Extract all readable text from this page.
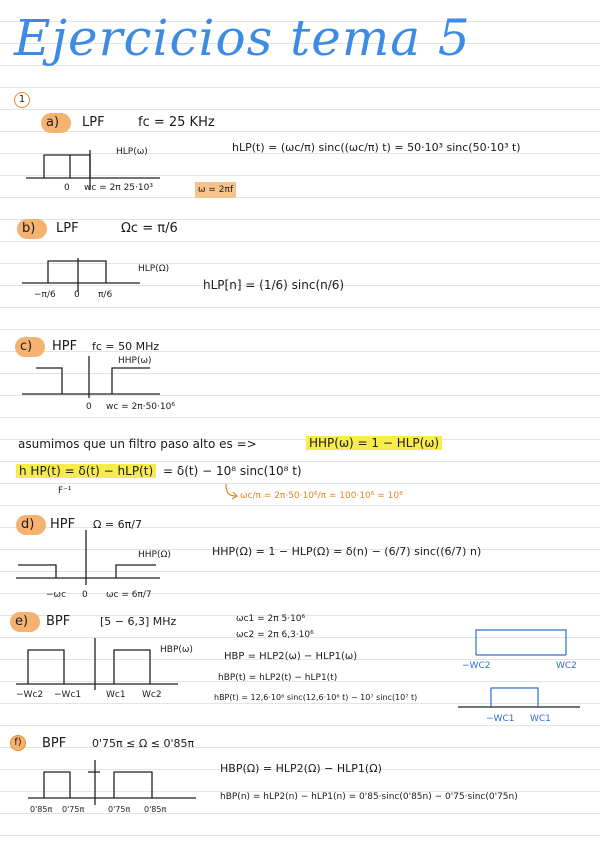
Ejercicios tema 5
1
a) LPF	fc = 25 KHz
HLP(ω)
0 wc = 2π 25·10³
hLP(t) = (ωc/π) sinc((ωc/π) t) = 50·10³ sinc(50·10³ t)
ω = 2πf
b) LPF	Ωc = π/6
HLP(Ω)
−π/6 0 π/6
hLP[n] = (1/6) sinc(n/6)
c) HPF fc = 50 MHz
HHP(ω)
0 wc = 2π·50·10⁶
asumimos que un filtro paso alto es =>	HHP(ω) = 1 − HLP(ω)
h HP(t) = δ(t) − hLP(t) = δ(t) − 10⁸ sinc(10⁸ t)
F⁻¹	ωc/π = 2π·50·10⁶/π = 100·10⁶ = 10⁸
d) HPF Ω = 6π/7
HHP(Ω)
−ωc 0 ωc = 6π/7
HHP(Ω) = 1 − HLP(Ω) = δ(n) − (6/7) sinc((6/7) n)
e) BPF	[5 − 6,3] MHz	ωc1 = 2π 5·10⁶
ωc2 = 2π 6,3·10⁶
HBP(ω)
−Wc2 −Wc1	Wc1 Wc2
HBP = HLP2(ω) − HLP1(ω)
hBP(t) = hLP2(t) − hLP1(t)
hBP(t) = 12,6·10⁶ sinc(12,6·10⁶ t) − 10⁷ sinc(10⁷ t)
−WC2	WC2
−WC1 WC1
f)	BPF 0'75π ≤ Ω ≤ 0'85π
0'85π 0'75π	0'75π 0'85π
HBP(Ω) = HLP2(Ω) − HLP1(Ω)
hBP(n) = hLP2(n) − hLP1(n) = 0'85·sinc(0'85n) − 0'75·sinc(0'75n)
